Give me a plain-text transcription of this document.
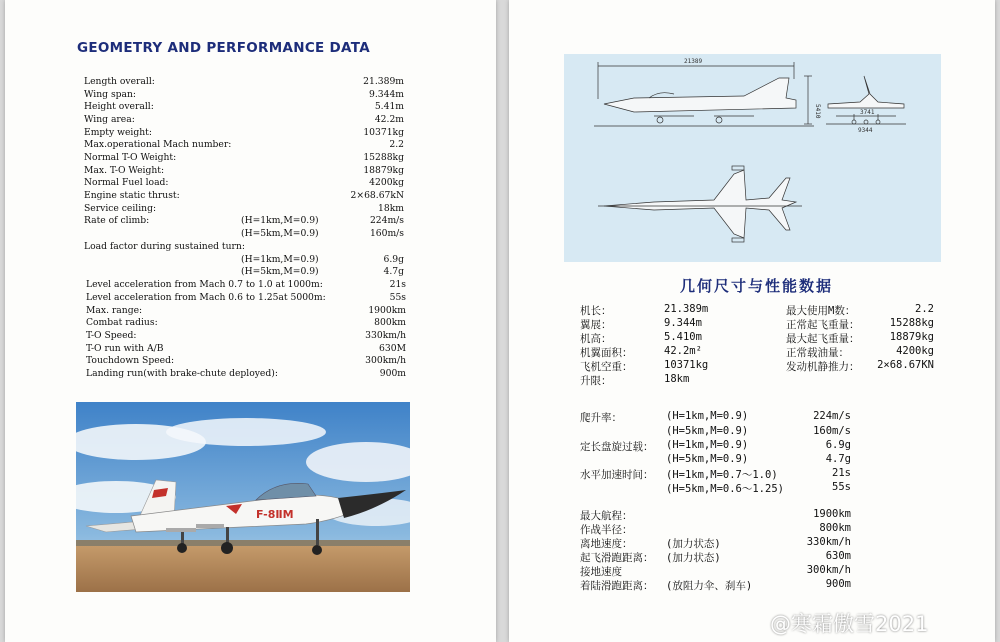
GEOMETRY AND PERFORMANCE DATA
Length overall:	21.389m
Wing span:	9.344m
Height overall:	5.41m
Wing area:	42.2m
Empty weight:	10371kg
Max.operational Mach number:	2.2
Normal T-O Weight:	15288kg
Max. T-O Weight:	18879kg
Normal Fuel load:	4200kg
Engine static thrust:	2×68.67kN
Service ceiling:	18km
Rate of climb:	(H=1km,M=0.9)	224m/s
(H=5km,M=0.9)	160m/s
Load factor during sustained turn:
(H=1km,M=0.9)	6.9g
(H=5km,M=0.9)	4.7g
Level acceleration from Mach 0.7 to 1.0 at 1000m:	21s
Level acceleration from Mach 0.6 to 1.25at 5000m:	55s
Max. range:	1900km
Combat radius:	800km
T-O Speed:	330km/h
T-O run with A/B	630M
Touchdown Speed:	300km/h
Landing run(with brake-chute deployed):	900m
F-8ⅡM
21389
5410	3741
9344
几何尺寸与性能数据
机长：	21.389m
翼展：	9.344m
机高：	5.410m
机翼面积：	42.2m²
飞机空重：	10371kg
升限：	18km
最大使用M数：	2.2
正常起飞重量：	15288kg
最大起飞重量：	18879kg
正常载油量：	4200kg
发动机静推力： 2×68.67KN
爬升率：	(H=1km,M=0.9)	224m/s
(H=5km,M=0.9)	160m/s
定长盘旋过载： (H=1km,M=0.9)	6.9g
(H=5km,M=0.9)	4.7g
水平加速时间： (H=1km,M=0.7～1.0)	21s
(H=5km,M=0.6～1.25)	55s
最大航程：	1900km
作战半径：	800km
离地速度：	(加力状态)	330km/h
起飞滑跑距离： (加力状态)	630m
接地速度	300km/h
着陆滑跑距离： (放阻力伞、刹车)	900m
@寒霜傲雪2021
